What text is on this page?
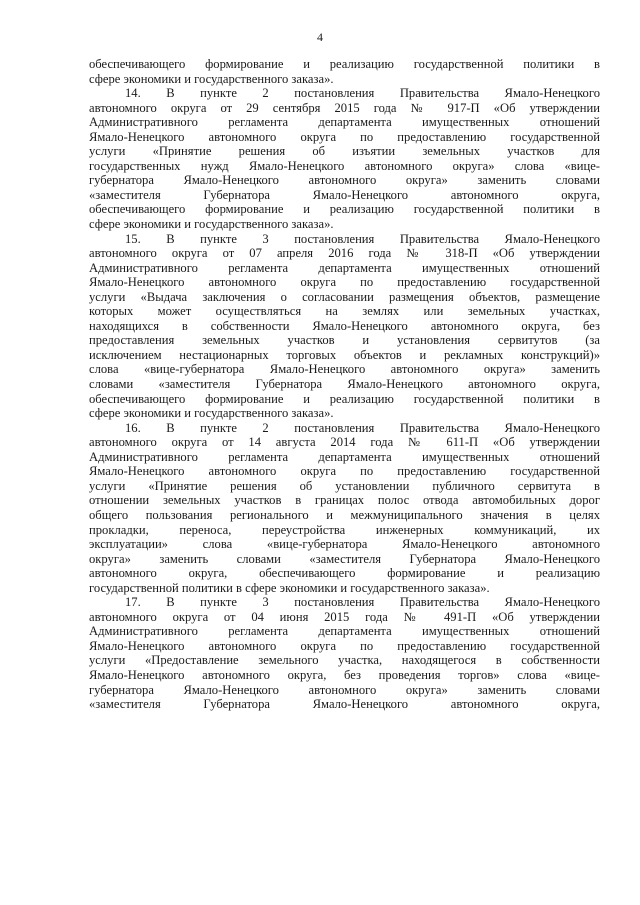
4
обеспечивающего формирование и реализацию государственной политики в
сфере экономики и государственного заказа».
14. В пункте 2 постановления Правительства Ямало-Ненецкого
автономного округа от 29 сентября 2015 года № 917-П «Об утверждении
Административного регламента департамента имущественных отношений
Ямало-Ненецкого автономного округа по предоставлению государственной
услуги «Принятие решения об изъятии земельных участков для
государственных нужд Ямало-Ненецкого автономного округа» слова «вице-
губернатора Ямало-Ненецкого автономного округа» заменить словами
«заместителя Губернатора Ямало-Ненецкого автономного округа,
обеспечивающего формирование и реализацию государственной политики в
сфере экономики и государственного заказа».
15. В пункте 3 постановления Правительства Ямало-Ненецкого
автономного округа от 07 апреля 2016 года № 318-П «Об утверждении
Административного регламента департамента имущественных отношений
Ямало-Ненецкого автономного округа по предоставлению государственной
услуги «Выдача заключения о согласовании размещения объектов, размещение
которых может осуществляться на землях или земельных участках,
находящихся в собственности Ямало-Ненецкого автономного округа, без
предоставления земельных участков и установления сервитутов (за
исключением нестационарных торговых объектов и рекламных конструкций)»
слова «вице-губернатора Ямало-Ненецкого автономного округа» заменить
словами «заместителя Губернатора Ямало-Ненецкого автономного округа,
обеспечивающего формирование и реализацию государственной политики в
сфере экономики и государственного заказа».
16. В пункте 2 постановления Правительства Ямало-Ненецкого
автономного округа от 14 августа 2014 года № 611-П «Об утверждении
Административного регламента департамента имущественных отношений
Ямало-Ненецкого автономного округа по предоставлению государственной
услуги «Принятие решения об установлении публичного сервитута в
отношении земельных участков в границах полос отвода автомобильных дорог
общего пользования регионального и межмуниципального значения в целях
прокладки, переноса, переустройства инженерных коммуникаций, их
эксплуатации» слова «вице-губернатора Ямало-Ненецкого автономного
округа» заменить словами «заместителя Губернатора Ямало-Ненецкого
автономного округа, обеспечивающего формирование и реализацию
государственной политики в сфере экономики и государственного заказа».
17. В пункте 3 постановления Правительства Ямало-Ненецкого
автономного округа от 04 июня 2015 года № 491-П «Об утверждении
Административного регламента департамента имущественных отношений
Ямало-Ненецкого автономного округа по предоставлению государственной
услуги «Предоставление земельного участка, находящегося в собственности
Ямало-Ненецкого автономного округа, без проведения торгов» слова «вице-
губернатора Ямало-Ненецкого автономного округа» заменить словами
«заместителя Губернатора Ямало-Ненецкого автономного округа,
